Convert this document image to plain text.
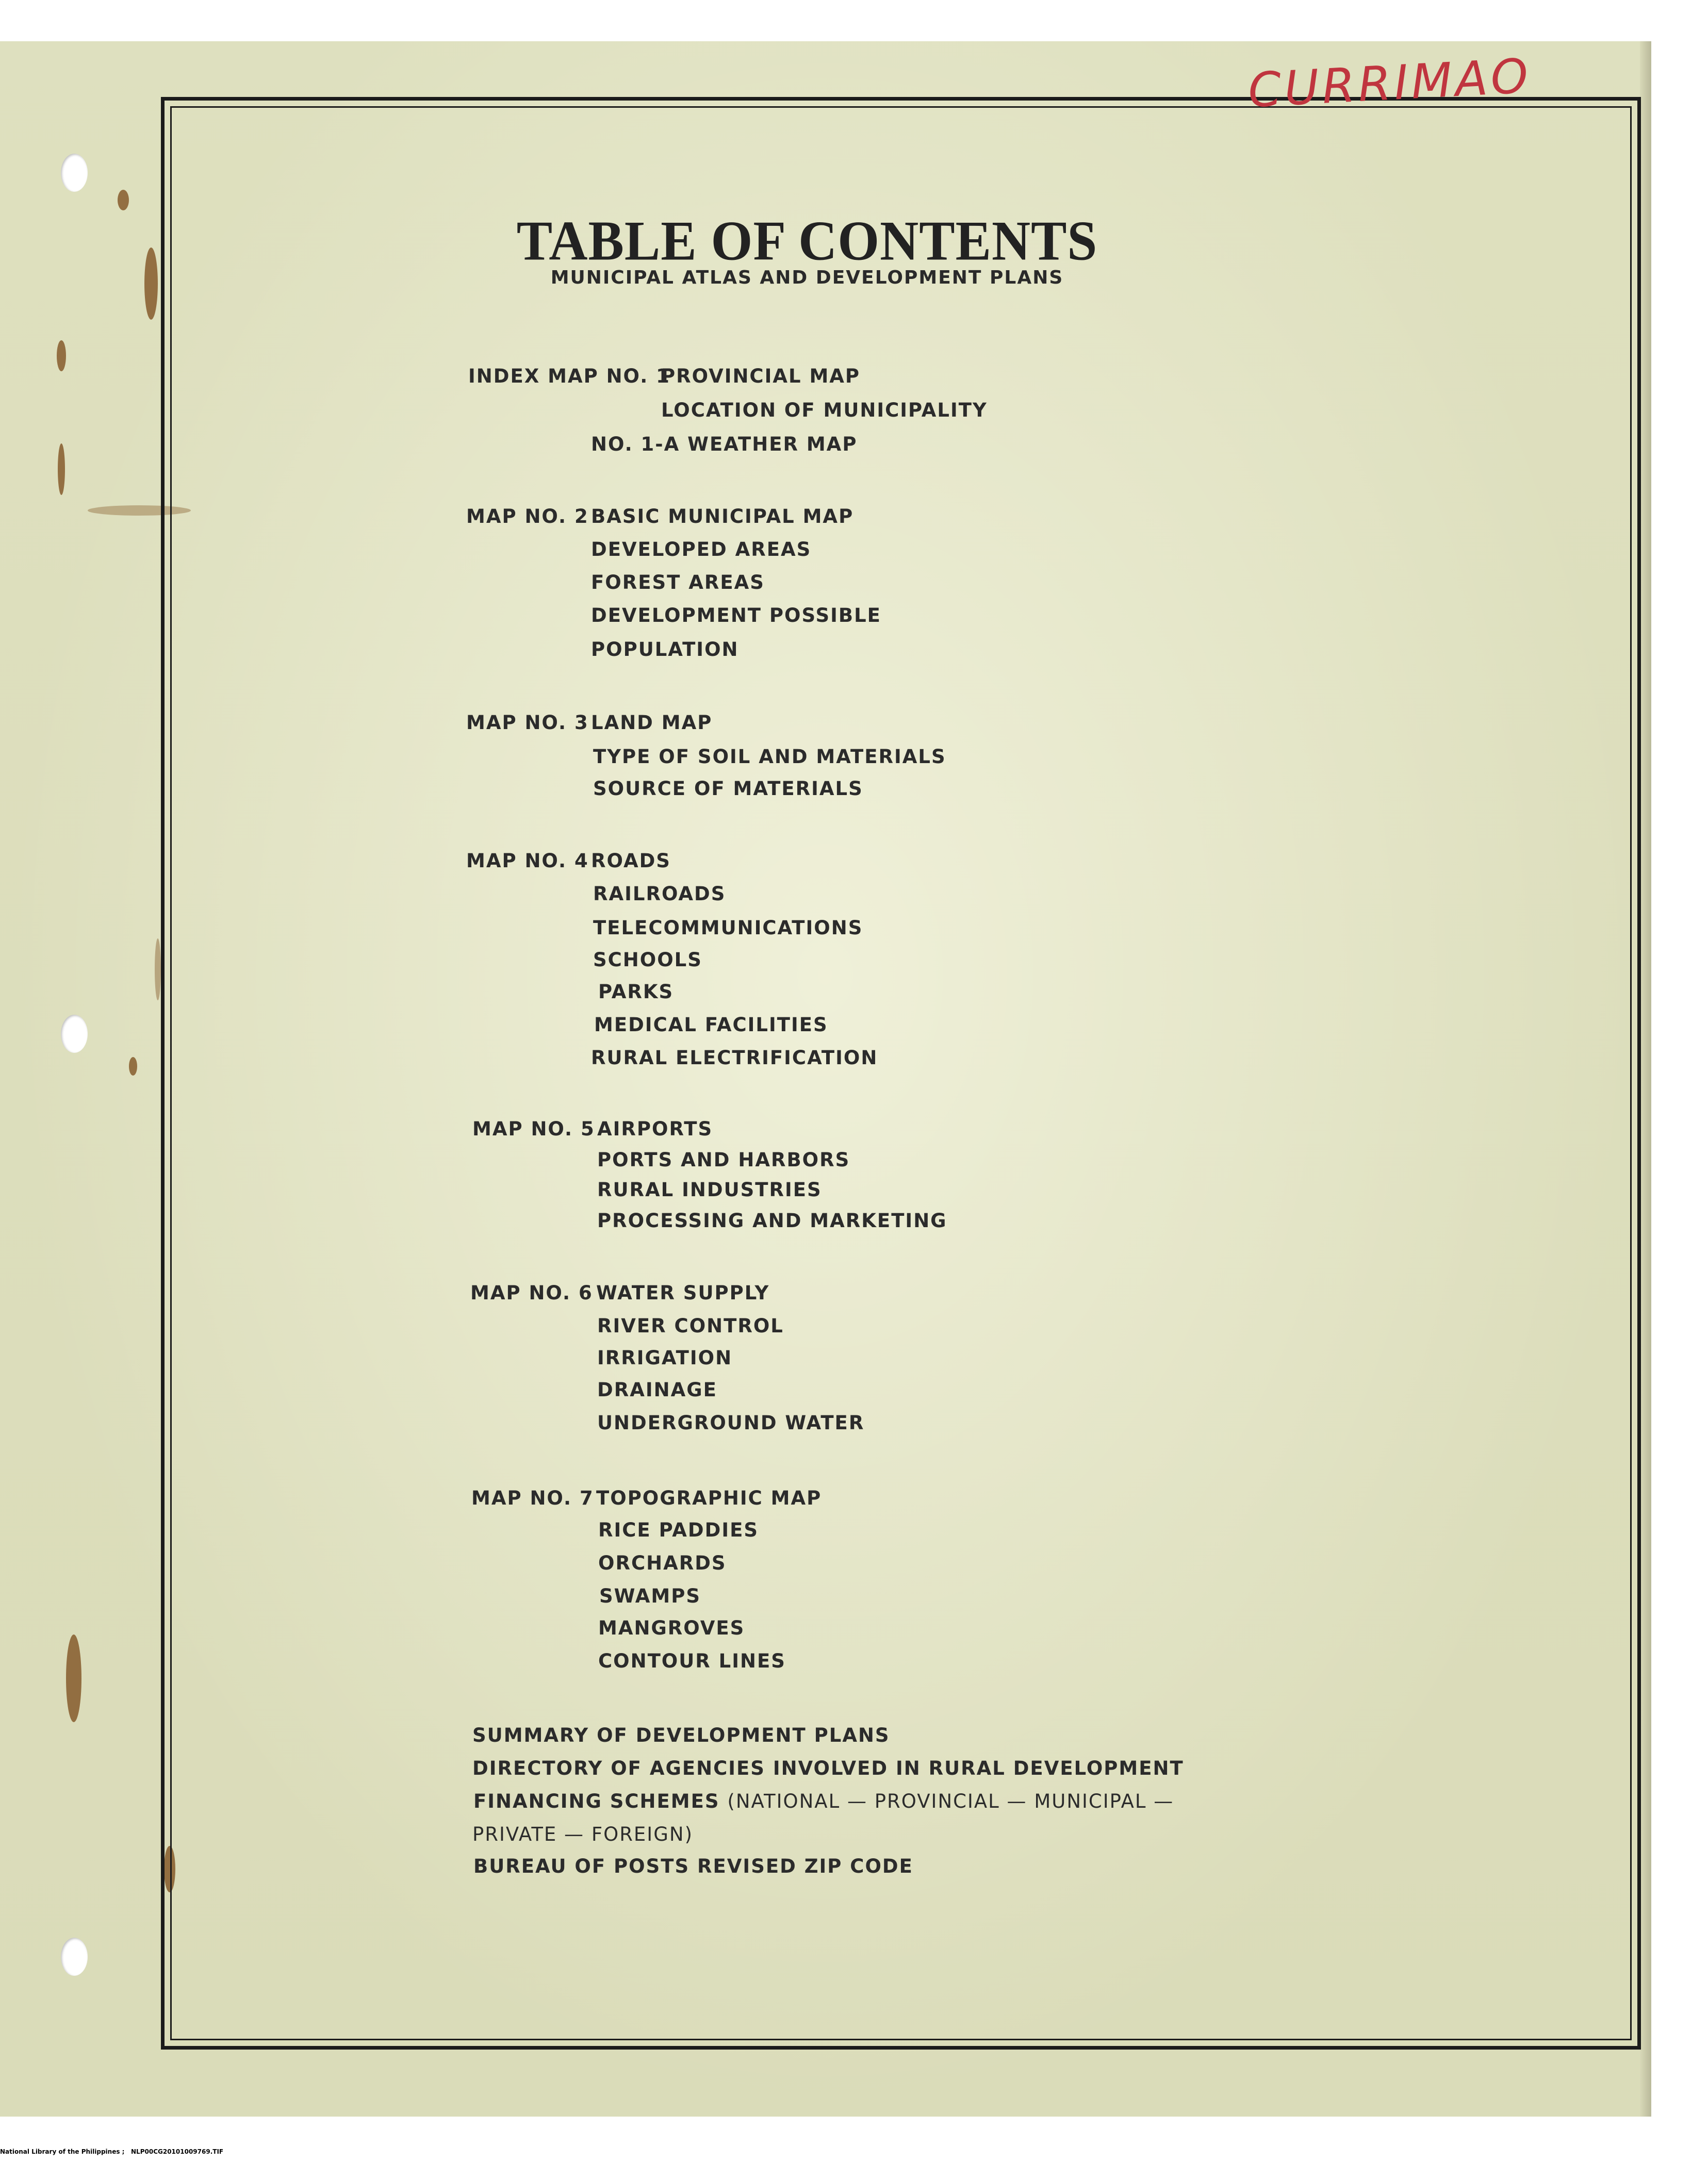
CURRIMAO
TABLE OF CONTENTS
MUNICIPAL ATLAS AND DEVELOPMENT PLANS
INDEX MAP NO. 1
PROVINCIAL MAP
LOCATION OF MUNICIPALITY
NO. 1-A WEATHER MAP
MAP NO. 2 BASIC MUNICIPAL MAP
DEVELOPED AREAS
FOREST AREAS
DEVELOPMENT POSSIBLE
POPULATION
MAP NO. 3 LAND MAP
TYPE OF SOIL AND MATERIALS
SOURCE OF MATERIALS
MAP NO. 4 ROADS
RAILROADS
TELECOMMUNICATIONS
SCHOOLS
PARKS
MEDICAL FACILITIES
RURAL ELECTRIFICATION
MAP NO. 5 AIRPORTS
PORTS AND HARBORS
RURAL INDUSTRIES
PROCESSING AND MARKETING
MAP NO. 6 WATER SUPPLY
RIVER CONTROL
IRRIGATION
DRAINAGE
UNDERGROUND WATER
MAP NO. 7 TOPOGRAPHIC MAP
RICE PADDIES
ORCHARDS
SWAMPS
MANGROVES
CONTOUR LINES
SUMMARY OF DEVELOPMENT PLANS
DIRECTORY OF AGENCIES INVOLVED IN RURAL DEVELOPMENT
FINANCING SCHEMES (NATIONAL — PROVINCIAL — MUNICIPAL —
PRIVATE — FOREIGN)
BUREAU OF POSTS REVISED ZIP CODE
National Library of the Philippines ; NLP00CG20101009769.TIF
